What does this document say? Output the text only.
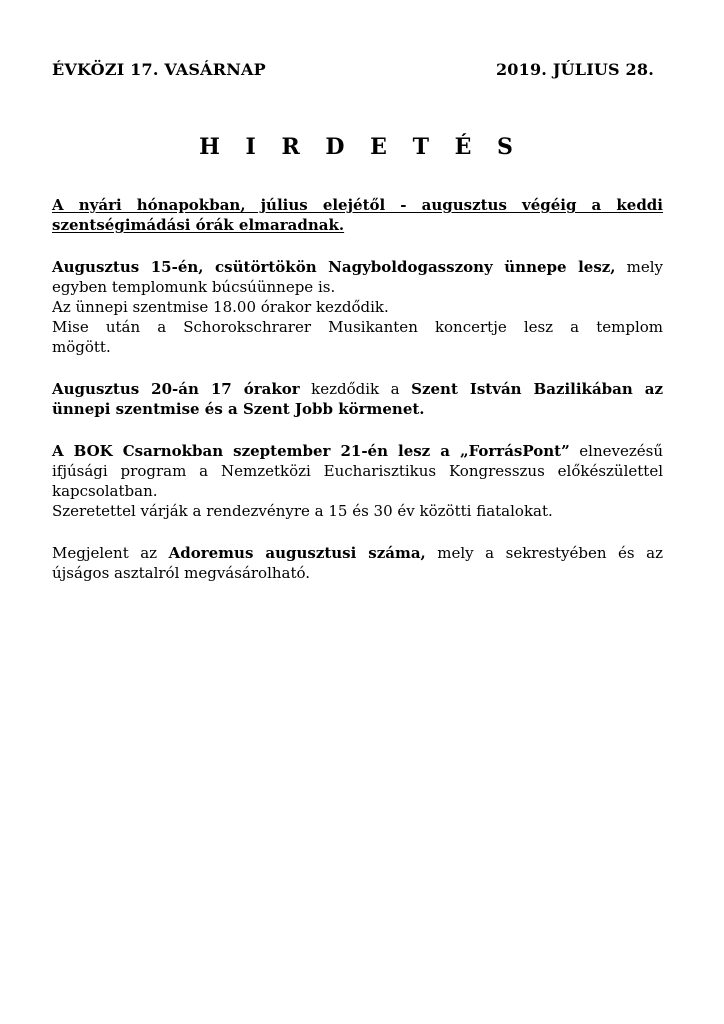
ÉVKÖZI 17. VASÁRNAP	2019. JÚLIUS 28.
H I R D E T É S
A nyári hónapokban, július elejétől - augusztus végéig a keddi
szentségimádási órák elmaradnak.
Augusztus 15-én, csütörtökön Nagyboldogasszony ünnepe lesz, mely
egyben templomunk búcsúünnepe is.
Az ünnepi szentmise 18.00 órakor kezdődik.
Mise után a Schorokschrarer Musikanten koncertje lesz a templom
mögött.
Augusztus 20-án 17 órakor kezdődik a Szent István Bazilikában az
ünnepi szentmise és a Szent Jobb körmenet.
A BOK Csarnokban szeptember 21-én lesz a „ForrásPont” elnevezésű
ifjúsági program a Nemzetközi Eucharisztikus Kongresszus előkészülettel
kapcsolatban.
Szeretettel várják a rendezvényre a 15 és 30 év közötti fiatalokat.
Megjelent az Adoremus augusztusi száma, mely a sekrestyében és az
újságos asztalról megvásárolható.
